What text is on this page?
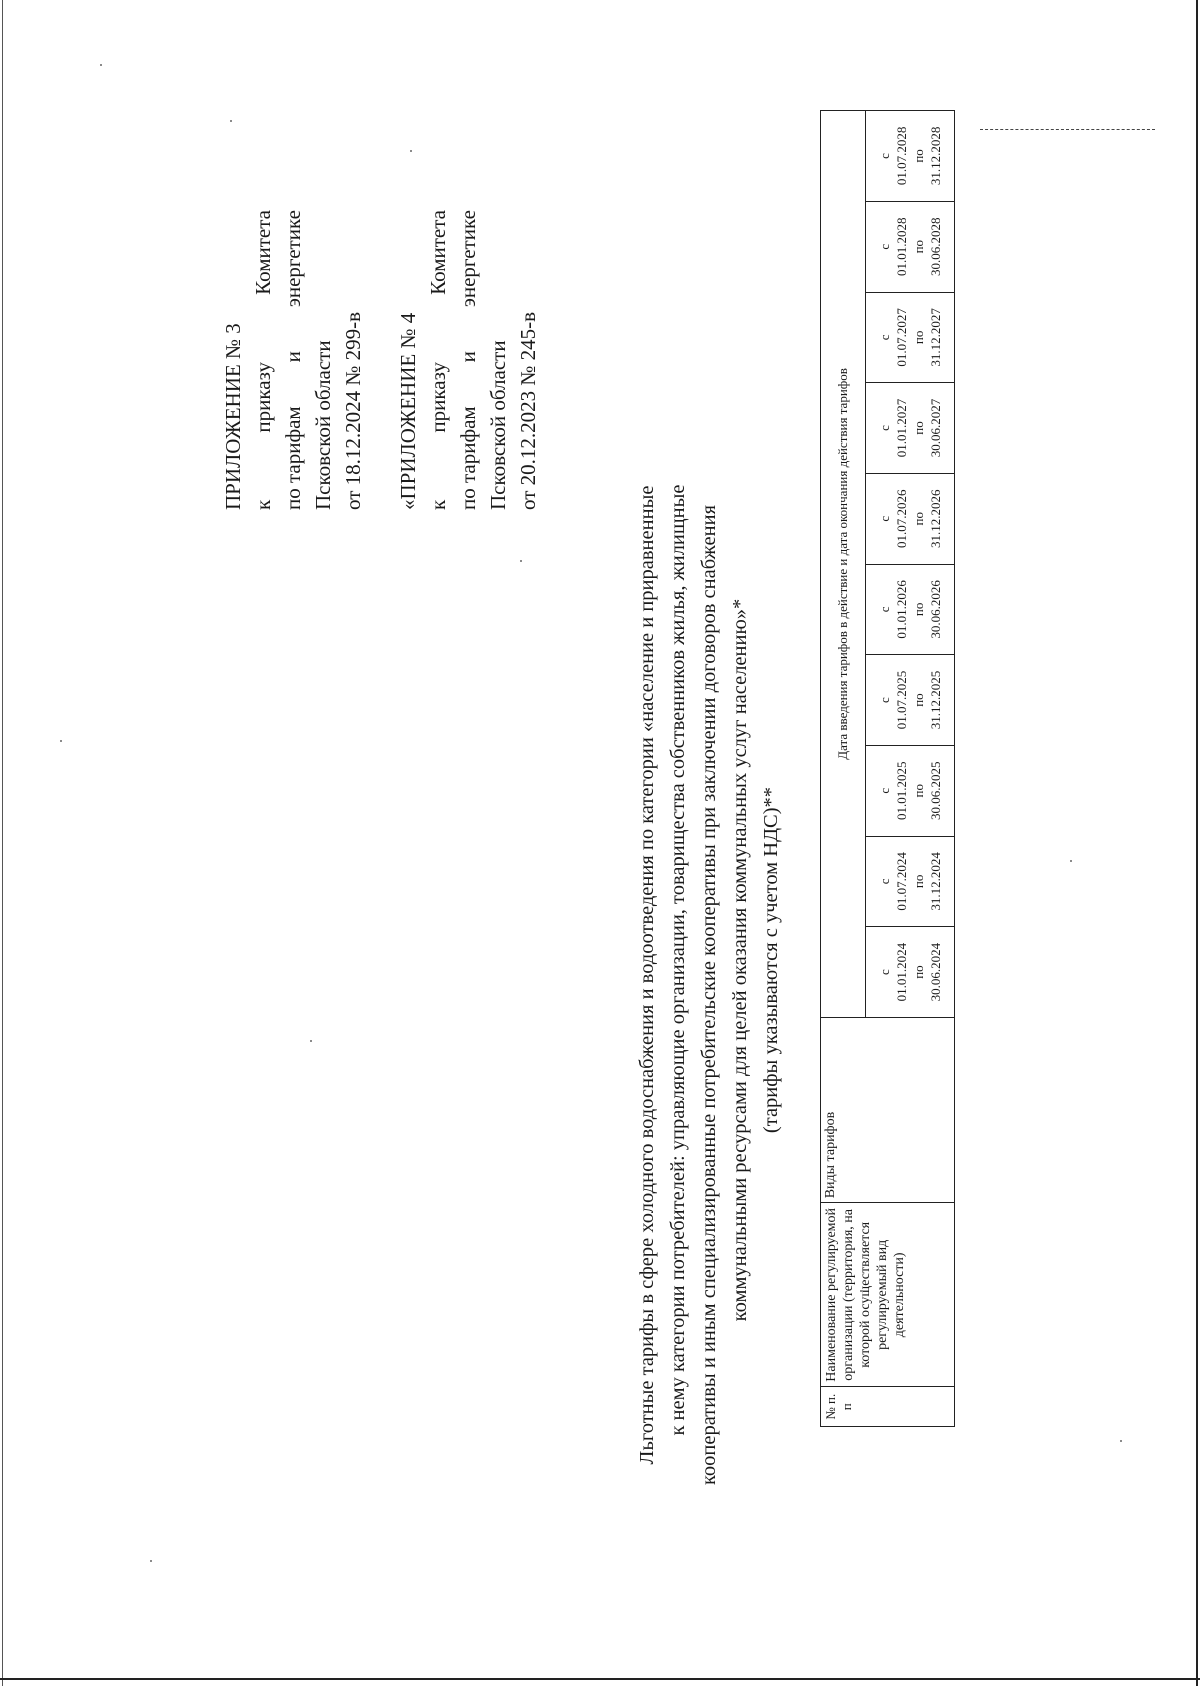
ПРИЛОЖЕНИЕ № 3 к
приказу
Комитета
по тарифам
и
энергетике
Псковской области от 18.12.2024 № 299-в «ПРИЛОЖЕНИЕ № 4 к
приказу
Комитета
по тарифам
и
энергетике
Псковской области от 20.12.2023 № 245-в
Льготные тарифы в сфере холодного водоснабжения и водоотведения по категории «население и приравненные к нему категории потребителей: управляющие организации, товарищества собственников жилья, жилищные кооперативы и иным специализированные потребительские кооперативы при заключении договоров снабжения коммунальными ресурсами для целей оказания коммунальных услуг населению»* (тарифы указываются с учетом НДС)**
№ п. п	Наименование регулируемой организации (территория, на которой осуществляется регулируемый вид деятельности)	Виды тарифов	Дата введения тарифов в действие и дата окончания действия тарифов									

			с 01.01.2024 по 30.06.2024	с 01.07.2024 по 31.12.2024	с 01.01.2025 по 30.06.2025	с 01.07.2025 по 31.12.2025	с 01.01.2026 по 30.06.2026	с 01.07.2026 по 31.12.2026	с 01.01.2027 по 30.06.2027	с 01.07.2027 по 31.12.2027	с 01.01.2028 по 30.06.2028	с 01.07.2028 по 31.12.2028
